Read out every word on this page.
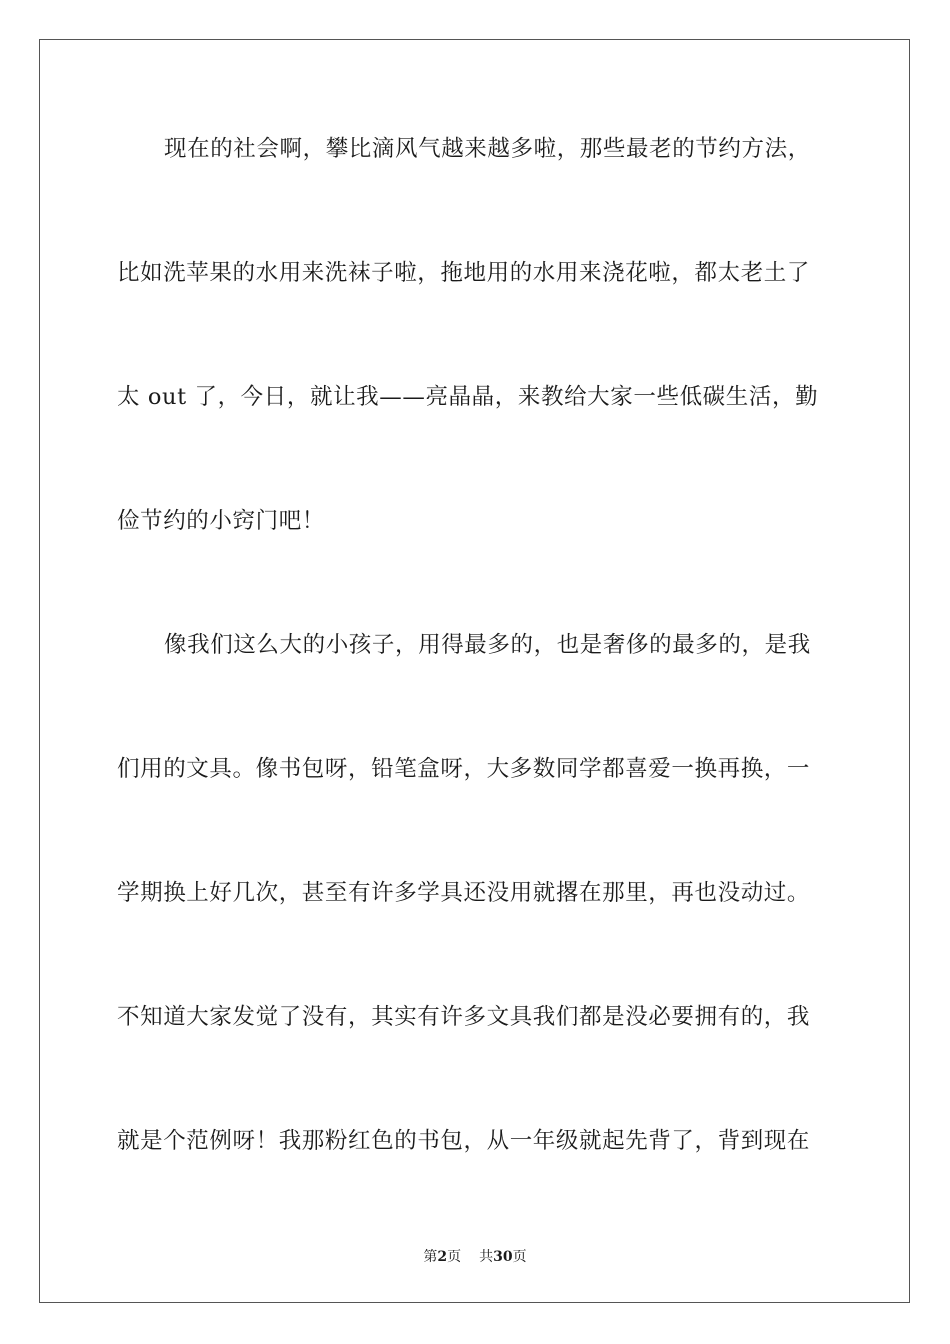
现在的社会啊，攀比滴风气越来越多啦，那些最老的节约方法，
比如洗苹果的水用来洗袜子啦，拖地用的水用来浇花啦，都太老土了
太 out 了，今日，就让我——亮晶晶，来教给大家一些低碳生活，勤
俭节约的小窍门吧！
像我们这么大的小孩子，用得最多的，也是奢侈的最多的，是我
们用的文具。像书包呀，铅笔盒呀，大多数同学都喜爱一换再换，一
学期换上好几次，甚至有许多学具还没用就撂在那里，再也没动过。
不知道大家发觉了没有，其实有许多文具我们都是没必要拥有的，我
就是个范例呀！我那粉红色的书包，从一年级就起先背了，背到现在
第2页 共30页
